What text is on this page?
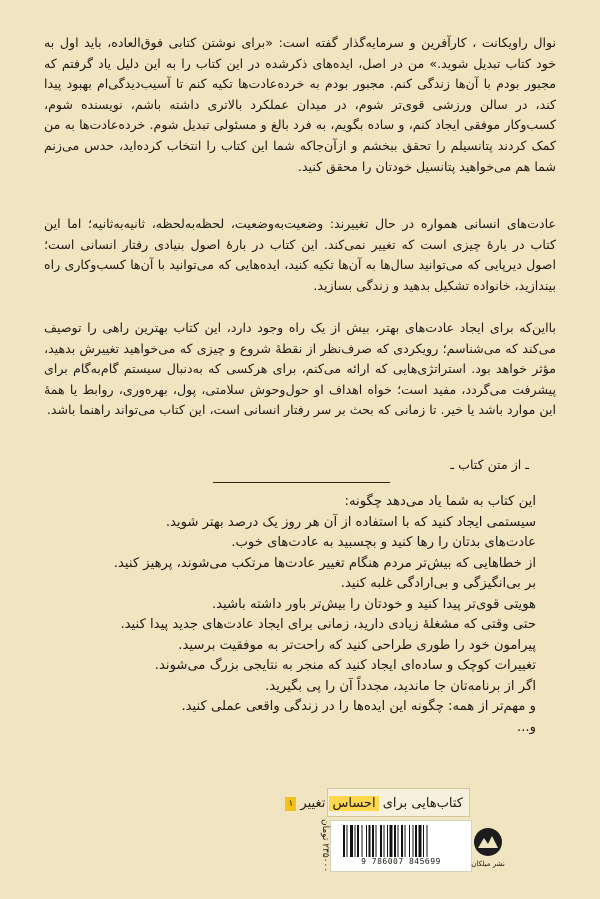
نوال راویکانت ، کارآفرین و سرمایه‌گذار گفته است: «برای نوشتن کتابی فوق‌العاده، باید اول به خود کتاب تبدیل شوید.» من در اصل، ایده‌های ذکرشده در این کتاب را به این دلیل یاد گرفتم که مجبور بودم با آن‌ها زندگی کنم. مجبور بودم به خرده‌عادت‌ها تکیه کنم تا آسیب‌دیدگی‌ام بهبود پیدا کند، در سالن ورزشی قوی‌تر شوم، در میدان عملکرد بالاتری داشته باشم، نویسنده شوم، کسب‌وکار موفقی ایجاد کنم، و ساده بگویم، به فرد بالغ و مسئولی تبدیل شوم. خرده‌عادت‌ها به من کمک کردند پتانسیلم را تحقق ببخشم و ازآن‌جاکه شما این کتاب را انتخاب کرده‌اید، حدس می‌زنم شما هم می‌خواهید پتانسیل خودتان را محقق کنید.
عادت‌های انسانی همواره در حال تغییرند: وضعیت‌به‌وضعیت، لحظه‌به‌لحظه، ثانیه‌به‌ثانیه؛ اما این کتاب در بارهٔ چیزی است که تغییر نمی‌کند. این کتاب در بارهٔ اصول بنیادی رفتار انسانی است؛ اصول دیرپایی که می‌توانید سال‌ها به آن‌ها تکیه کنید، ایده‌هایی که می‌توانید با آن‌ها کسب‌وکاری راه بیندازید، خانواده تشکیل بدهید و زندگی بسازید.
بااین‌که برای ایجاد عادت‌های بهتر، بیش از یک راه وجود دارد، این کتاب بهترین راهی را توصیف می‌کند که می‌شناسم؛ رویکردی که صرف‌نظر از نقطهٔ شروع و چیزی که می‌خواهید تغییرش بدهید، مؤثر خواهد بود. استراتژی‌هایی که ارائه می‌کنم، برای هرکسی که به‌دنبال سیستم گام‌به‌گام برای پیشرفت می‌گردد، مفید است؛ خواه اهداف او حول‌وحوش سلامتی، پول، بهره‌وری، روابط یا همهٔ این موارد باشد یا خیر. تا زمانی که بحث بر سر رفتار انسانی است، این کتاب می‌تواند راهنما باشد.
ـ از متن کتاب ـ
این کتاب به شما یاد می‌دهد چگونه:
سیستمی ایجاد کنید که با استفاده از آن هر روز یک درصد بهتر شوید.
عادت‌های بدتان را رها کنید و بچسبید به عادت‌های خوب.
از خطاهایی که بیش‌تر مردم هنگام تغییر عادت‌ها مرتکب می‌شوند، پرهیز کنید.
بر بی‌انگیزگی و بی‌ارادگی غلبه کنید.
هویتی قوی‌تر پیدا کنید و خودتان را بیش‌تر باور داشته باشید.
حتی وقتی که مشغلهٔ زیادی دارید، زمانی برای ایجاد عادت‌های جدید پیدا کنید.
پیرامون خود را طوری طراحی کنید که راحت‌تر به موفقیت برسید.
تغییرات کوچک و ساده‌ای ایجاد کنید که منجر به نتایجی بزرگ می‌شوند.
اگر از برنامه‌تان جا ماندید، مجدداً آن را پی بگیرید.
و مهم‌تر از همه: چگونه این ایده‌ها را در زندگی واقعی عملی کنید.
و...
کتاب‌هایی برای احساس تغییر ۱
۲۳۵۰۰۰ تومان	9 786007 845699	نشر میلکان
